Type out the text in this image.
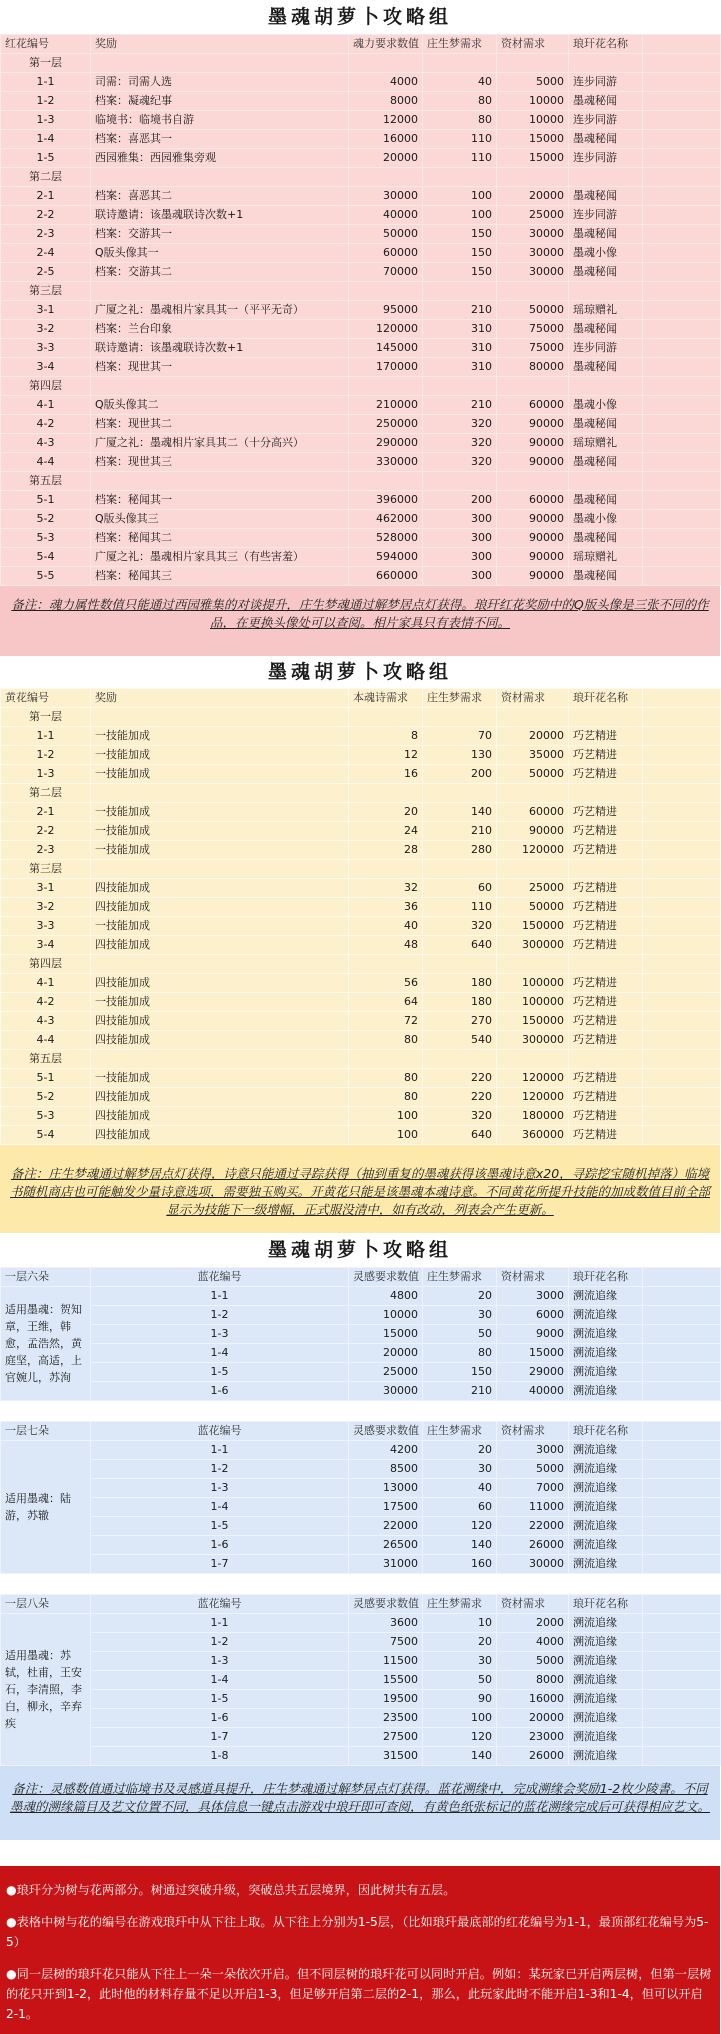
墨魂胡萝卜攻略组
红花编号	奖励	魂力要求数值	庄生梦需求	资材需求	琅玕花名称	
第一层						
1-1	司需：司需人选	4000	40	5000	连步同游	
1-2	档案：凝魂纪事	8000	80	10000	墨魂秘闻	
1-3	临境书：临境书自游	12000	80	10000	连步同游	
1-4	档案：喜恶其一	16000	110	15000	墨魂秘闻	
1-5	西园雅集：西园雅集旁观	20000	110	15000	连步同游	
第二层						
2-1	档案：喜恶其二	30000	100	20000	墨魂秘闻	
2-2	联诗邀请：该墨魂联诗次数+1	40000	100	25000	连步同游	
2-3	档案：交游其一	50000	150	30000	墨魂秘闻	
2-4	Q版头像其一	60000	150	30000	墨魂小像	
2-5	档案：交游其二	70000	150	30000	墨魂秘闻	
第三层						
3-1	广厦之礼：墨魂相片家具其一（平平无奇）	95000	210	50000	瑶琼赠礼	
3-2	档案：兰台印象	120000	310	75000	墨魂秘闻	
3-3	联诗邀请：该墨魂联诗次数+1	145000	310	75000	连步同游	
3-4	档案：现世其一	170000	310	80000	墨魂秘闻	
第四层						
4-1	Q版头像其二	210000	210	60000	墨魂小像	
4-2	档案：现世其二	250000	320	90000	墨魂秘闻	
4-3	广厦之礼：墨魂相片家具其二（十分高兴）	290000	320	90000	瑶琼赠礼	
4-4	档案：现世其三	330000	320	90000	墨魂秘闻	
第五层						
5-1	档案：秘闻其一	396000	200	60000	墨魂秘闻	
5-2	Q版头像其三	462000	300	90000	墨魂小像	
5-3	档案：秘闻其二	528000	300	90000	墨魂秘闻	
5-4	广厦之礼：墨魂相片家具其三（有些害羞）	594000	300	90000	瑶琼赠礼	
5-5	档案：秘闻其三	660000	300	90000	墨魂秘闻	
备注：魂力属性数值只能通过西园雅集的对谈提升，庄生梦魂通过解梦居点灯获得。琅玕红花奖励中的Q版头像是三张不同的作品，在更换头像处可以查阅。相片家具只有表情不同。
墨魂胡萝卜攻略组
黄花编号	奖励	本魂诗需求	庄生梦需求	资材需求	琅玕花名称	
第一层						
1-1	一技能加成	8	70	20000	巧艺精进	
1-2	一技能加成	12	130	35000	巧艺精进	
1-3	一技能加成	16	200	50000	巧艺精进	
第二层						
2-1	一技能加成	20	140	60000	巧艺精进	
2-2	一技能加成	24	210	90000	巧艺精进	
2-3	一技能加成	28	280	120000	巧艺精进	
第三层						
3-1	四技能加成	32	60	25000	巧艺精进	
3-2	四技能加成	36	110	50000	巧艺精进	
3-3	一技能加成	40	320	150000	巧艺精进	
3-4	四技能加成	48	640	300000	巧艺精进	
第四层						
4-1	四技能加成	56	180	100000	巧艺精进	
4-2	一技能加成	64	180	100000	巧艺精进	
4-3	四技能加成	72	270	150000	巧艺精进	
4-4	四技能加成	80	540	300000	巧艺精进	
第五层						
5-1	一技能加成	80	220	120000	巧艺精进	
5-2	四技能加成	80	220	120000	巧艺精进	
5-3	四技能加成	100	320	180000	巧艺精进	
5-4	四技能加成	100	640	360000	巧艺精进	
备注：庄生梦魂通过解梦居点灯获得，诗意只能通过寻踪获得（抽到重复的墨魂获得该墨魂诗意x20，寻踪挖宝随机掉落）临境书随机商店也可能触发少量诗意选项，需要独玉购买。开黄花只能是该墨魂本魂诗意。不同黄花所提升技能的加成数值目前全部显示为技能下一级增幅，正式服没清中，如有改动，列表会产生更新。
墨魂胡萝卜攻略组
一层六朵	蓝花编号	灵感要求数值	庄生梦需求	资材需求	琅玕花名称	
适用墨魂：贺知章，王维，韩愈，孟浩然，黄庭坚，高适，上官婉儿，苏洵	1-1	4800	20	3000	溯流追缘	
	1-2	10000	30	6000	溯流追缘	
	1-3	15000	50	9000	溯流追缘	
	1-4	20000	80	15000	溯流追缘	
	1-5	25000	150	29000	溯流追缘	
	1-6	30000	210	40000	溯流追缘	
一层七朵	蓝花编号	灵感要求数值	庄生梦需求	资材需求	琅玕花名称	
适用墨魂：陆游，苏辙	1-1	4200	20	3000	溯流追缘	
	1-2	8500	30	5000	溯流追缘	
	1-3	13000	40	7000	溯流追缘	
	1-4	17500	60	11000	溯流追缘	
	1-5	22000	120	22000	溯流追缘	
	1-6	26500	140	26000	溯流追缘	
	1-7	31000	160	30000	溯流追缘	
一层八朵	蓝花编号	灵感要求数值	庄生梦需求	资材需求	琅玕花名称	
适用墨魂：苏轼，杜甫，王安石，李清照，李白，柳永，辛弃疾	1-1	3600	10	2000	溯流追缘	
	1-2	7500	20	4000	溯流追缘	
	1-3	11500	30	5000	溯流追缘	
	1-4	15500	50	8000	溯流追缘	
	1-5	19500	90	16000	溯流追缘	
	1-6	23500	100	20000	溯流追缘	
	1-7	27500	120	23000	溯流追缘	
	1-8	31500	140	26000	溯流追缘	
备注：灵感数值通过临境书及灵感道具提升，庄生梦魂通过解梦居点灯获得。蓝花溯缘中，完成溯缘会奖励1-2枚少陵書。不同墨魂的溯缘篇目及艺文位置不同，具体信息一键点击游戏中琅玕即可查阅，有黄色纸张标记的蓝花溯缘完成后可获得相应艺文。

●琅玕分为树与花两部分。树通过突破升级，突破总共五层境界，因此树共有五层。

●表格中树与花的编号在游戏琅玕中从下往上取。从下往上分别为1-5层，（比如琅玕最底部的红花编号为1-1，最顶部红花编号为5-5）

●同一层树的琅玕花只能从下往上一朵一朵依次开启。但不同层树的琅玕花可以同时开启。例如：某玩家已开启两层树，但第一层树的花只开到1-2，此时他的材料存量不足以开启1-3，但足够开启第二层的2-1，那么，此玩家此时不能开启1-3和1-4，但可以开启2-1。
